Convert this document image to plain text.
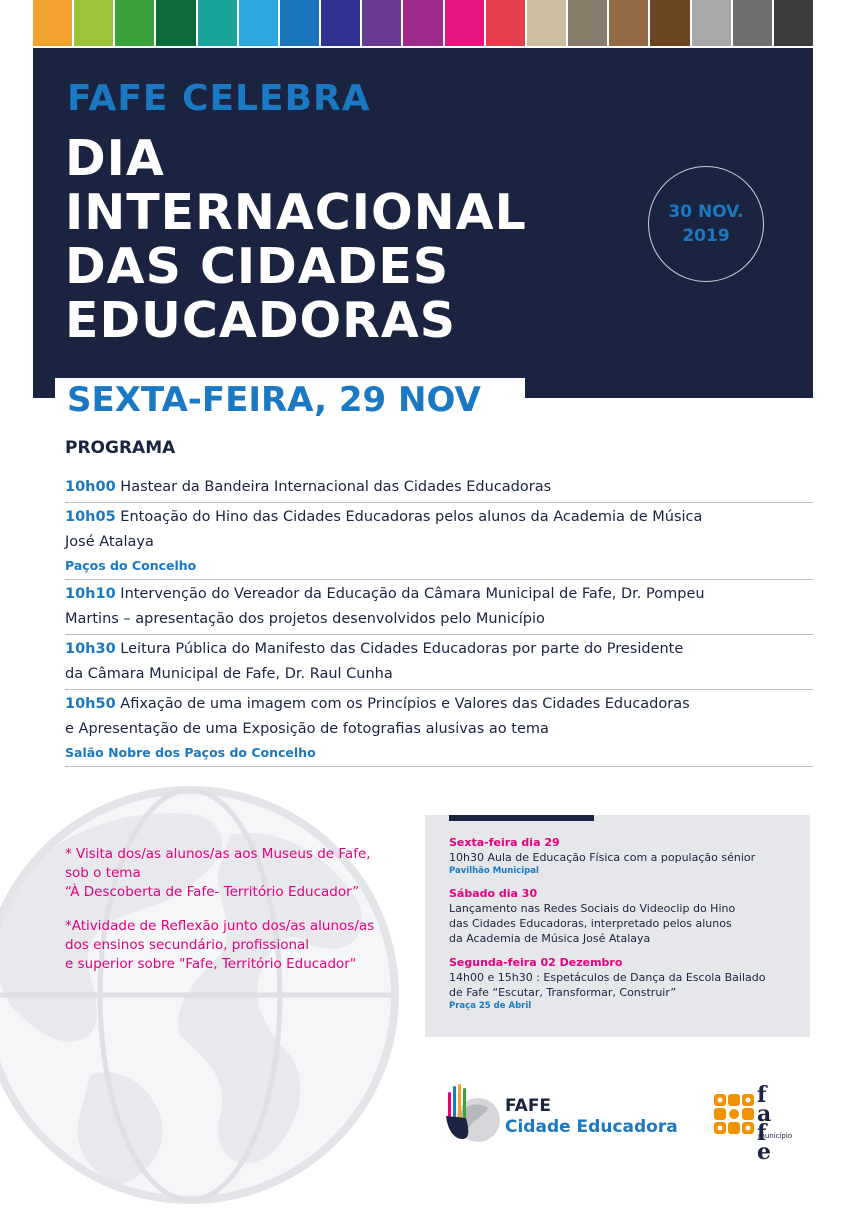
FAFE CELEBRA
DIA
INTERNACIONAL
DAS CIDADES
EDUCADORAS
30 NOV.
2019
SEXTA-FEIRA, 29 NOV
PROGRAMA
10h00 Hastear da Bandeira Internacional das Cidades Educadoras
10h05 Entoação do Hino das Cidades Educadoras pelos alunos da Academia de Música
José Atalaya
Paços do Concelho
10h10 Intervenção do Vereador da Educação da Câmara Municipal de Fafe, Dr. Pompeu
Martins – apresentação dos projetos desenvolvidos pelo Município
10h30 Leitura Pública do Manifesto das Cidades Educadoras por parte do Presidente
da Câmara Municipal de Fafe, Dr. Raul Cunha
10h50 Afixação de uma imagem com os Princípios e Valores das Cidades Educadoras
e Apresentação de uma Exposição de fotografias alusivas ao tema
Salão Nobre dos Paços do Concelho

* Visita dos/as alunos/as aos Museus de Fafe,
sob o tema
“À Descoberta de Fafe- Território Educador”

*Atividade de Reflexão junto dos/as alunos/as
dos ensinos secundário, profissional
e superior sobre "Fafe, Território Educador"

Sexta-feira dia 29
10h30 Aula de Educação Física com a população sénior
Pavilhão Municipal
Sábado dia 30
Lançamento nas Redes Sociais do Videoclip do Hino
das Cidades Educadoras, interpretado pelos alunos
da Academia de Música José Atalaya
Segunda-feira 02 Dezembro
14h00 e 15h30 : Espetáculos de Dança da Escola Bailado
de Fafe “Escutar, Transformar, Construir”
Praça 25 de Abril
FAFE
Cidade Educadora
fafe
município
